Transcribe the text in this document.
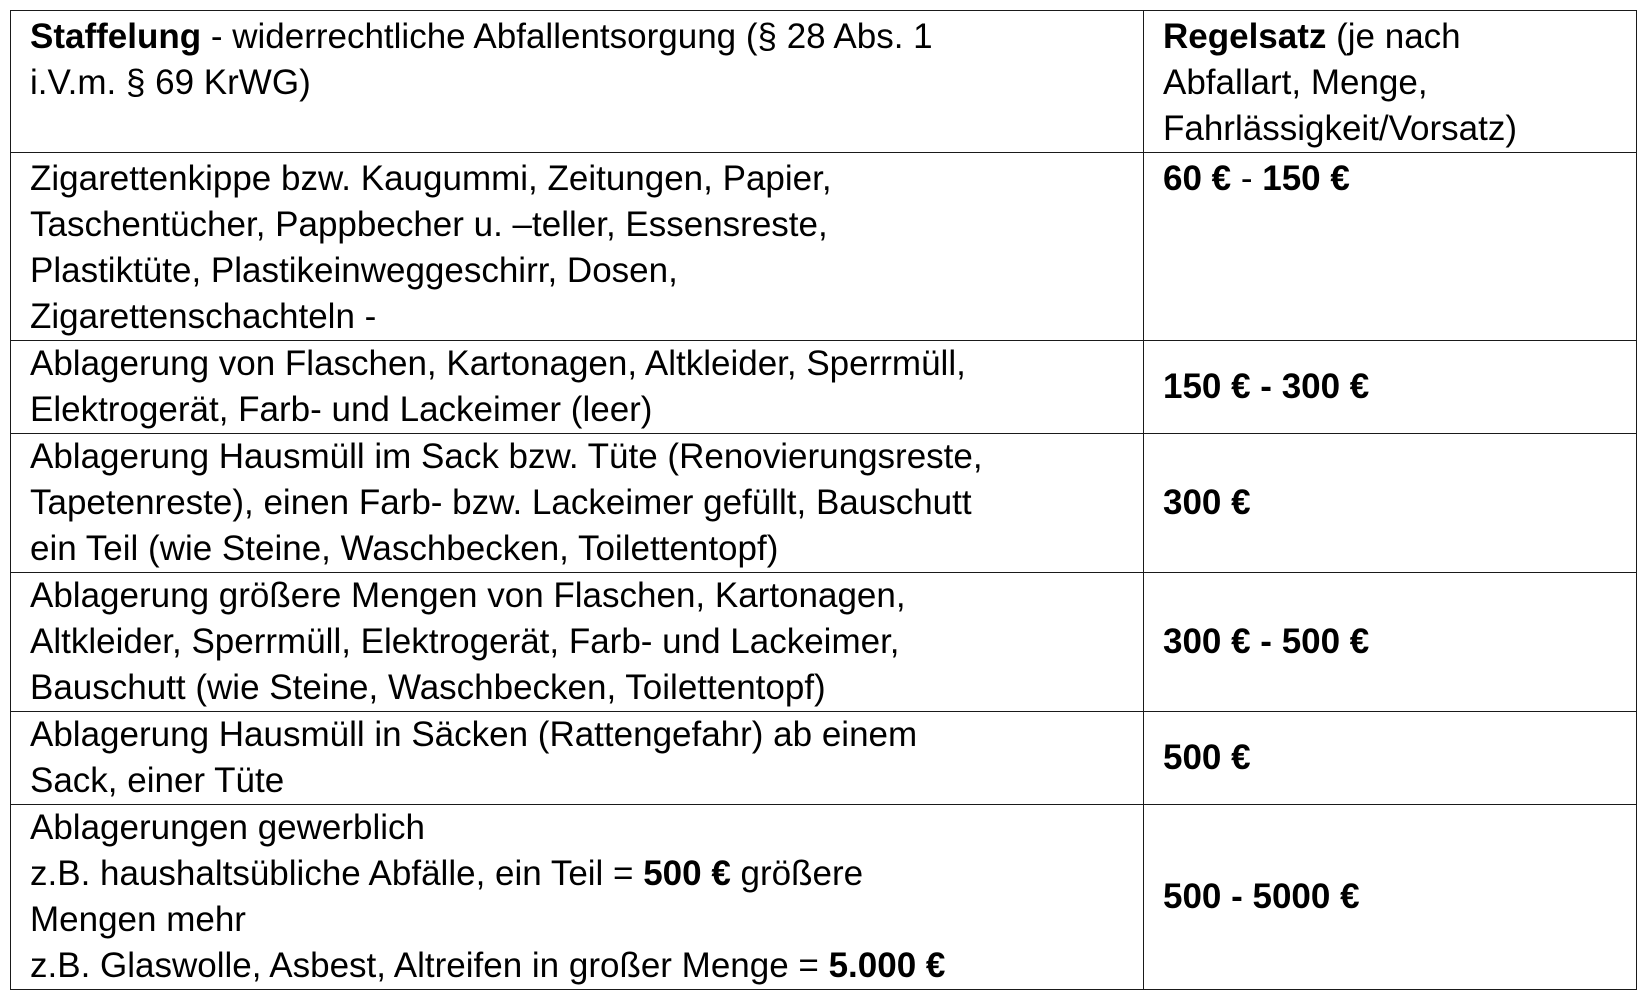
Staffelung - widerrechtliche Abfallentsorgung (§ 28 Abs. 1
i.V.m. § 69 KrWG)	Regelsatz (je nach
Abfallart, Menge,
Fahrlässigkeit/Vorsatz)

Zigarettenkippe bzw. Kaugummi, Zeitungen, Papier,
Taschentücher, Pappbecher u. –teller, Essensreste,
Plastiktüte, Plastikeinweggeschirr, Dosen,
Zigarettenschachteln -	60 € - 150 €

Ablagerung von Flaschen, Kartonagen, Altkleider, Sperrmüll,
Elektrogerät, Farb- und Lackeimer (leer)	150 € - 300 €

Ablagerung Hausmüll im Sack bzw. Tüte (Renovierungsreste,
Tapetenreste), einen Farb- bzw. Lackeimer gefüllt, Bauschutt
ein Teil (wie Steine, Waschbecken, Toilettentopf)	300 €

Ablagerung größere Mengen von Flaschen, Kartonagen,
Altkleider, Sperrmüll, Elektrogerät, Farb- und Lackeimer,
Bauschutt (wie Steine, Waschbecken, Toilettentopf)	300 € - 500 €

Ablagerung Hausmüll in Säcken (Rattengefahr) ab einem
Sack, einer Tüte	500 €

Ablagerungen gewerblich
z.B. haushaltsübliche Abfälle, ein Teil = 500 € größere
Mengen mehr
z.B. Glaswolle, Asbest, Altreifen in großer Menge = 5.000 €	500 - 5000 €
